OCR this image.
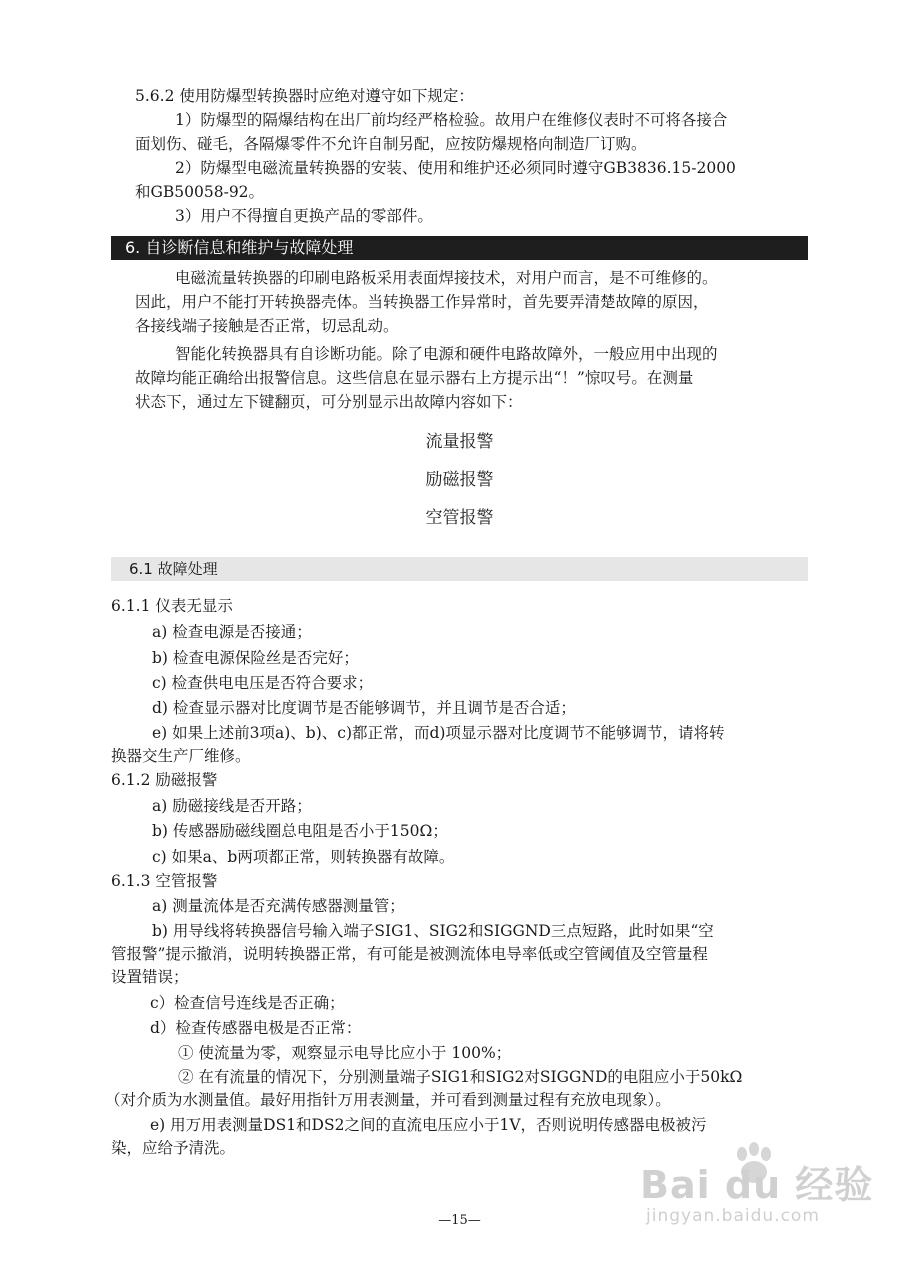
5.6.2 使用防爆型转换器时应绝对遵守如下规定：
1）防爆型的隔爆结构在出厂前均经严格检验。故用户在维修仪表时不可将各接合
面划伤、碰毛，各隔爆零件不允许自制另配，应按防爆规格向制造厂订购。
2）防爆型电磁流量转换器的安装、使用和维护还必须同时遵守GB3836.15-2000
和GB50058-92。
3）用户不得擅自更换产品的零部件。
6. 自诊断信息和维护与故障处理
电磁流量转换器的印刷电路板采用表面焊接技术，对用户而言，是不可维修的。
因此，用户不能打开转换器壳体。当转换器工作异常时，首先要弄清楚故障的原因，
各接线端子接触是否正常，切忌乱动。
智能化转换器具有自诊断功能。除了电源和硬件电路故障外，一般应用中出现的
故障均能正确给出报警信息。这些信息在显示器右上方提示出“！”惊叹号。在测量
状态下，通过左下键翻页，可分别显示出故障内容如下：
流量报警
励磁报警
空管报警
6.1 故障处理
6.1.1 仪表无显示
a) 检查电源是否接通；
b) 检查电源保险丝是否完好；
c) 检查供电电压是否符合要求；
d) 检查显示器对比度调节是否能够调节，并且调节是否合适；
e) 如果上述前3项a)、b)、c)都正常，而d)项显示器对比度调节不能够调节，请将转
换器交生产厂维修。
6.1.2 励磁报警
a) 励磁接线是否开路；
b) 传感器励磁线圈总电阻是否小于150Ω；
c) 如果a、b两项都正常，则转换器有故障。
6.1.3 空管报警
a) 测量流体是否充满传感器测量管；
b) 用导线将转换器信号输入端子SIG1、SIG2和SIGGND三点短路，此时如果“空
管报警”提示撤消，说明转换器正常，有可能是被测流体电导率低或空管阈值及空管量程
设置错误；
c）检查信号连线是否正确；
d）检查传感器电极是否正常：
① 使流量为零，观察显示电导比应小于 100%；
② 在有流量的情况下，分别测量端子SIG1和SIG2对SIGGND的电阻应小于50kΩ
（对介质为水测量值。最好用指针万用表测量，并可看到测量过程有充放电现象）。
e) 用万用表测量DS1和DS2之间的直流电压应小于1V，否则说明传感器电极被污
染，应给予清洗。
—15—
Bai du 经验
jingyan.baidu.com
